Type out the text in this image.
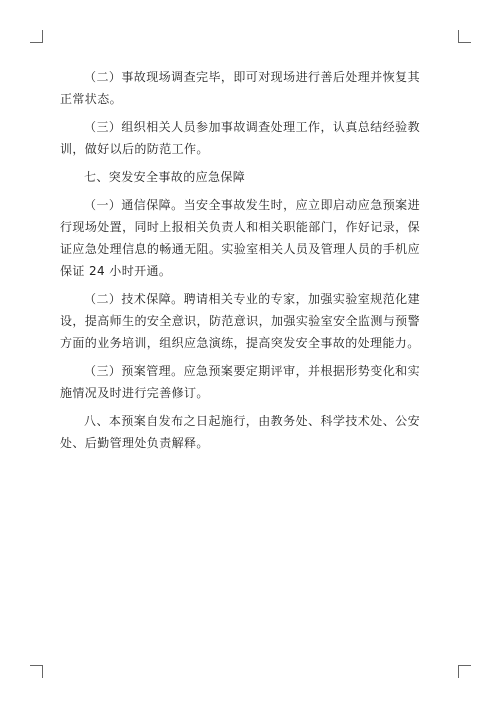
（二）事故现场调查完毕，即可对现场进行善后处理并恢复其正常状态。

（三）组织相关人员参加事故调查处理工作，认真总结经验教训，做好以后的防范工作。

七、突发安全事故的应急保障

（一）通信保障。当安全事故发生时，应立即启动应急预案进行现场处置，同时上报相关负责人和相关职能部门，作好记录，保证应急处理信息的畅通无阻。实验室相关人员及管理人员的手机应保证 24 小时开通。

（二）技术保障。聘请相关专业的专家，加强实验室规范化建设，提高师生的安全意识，防范意识，加强实验室安全监测与预警方面的业务培训，组织应急演练，提高突发安全事故的处理能力。

（三）预案管理。应急预案要定期评审，并根据形势变化和实施情况及时进行完善修订。

八、本预案自发布之日起施行，由教务处、科学技术处、公安处、后勤管理处负责解释。
